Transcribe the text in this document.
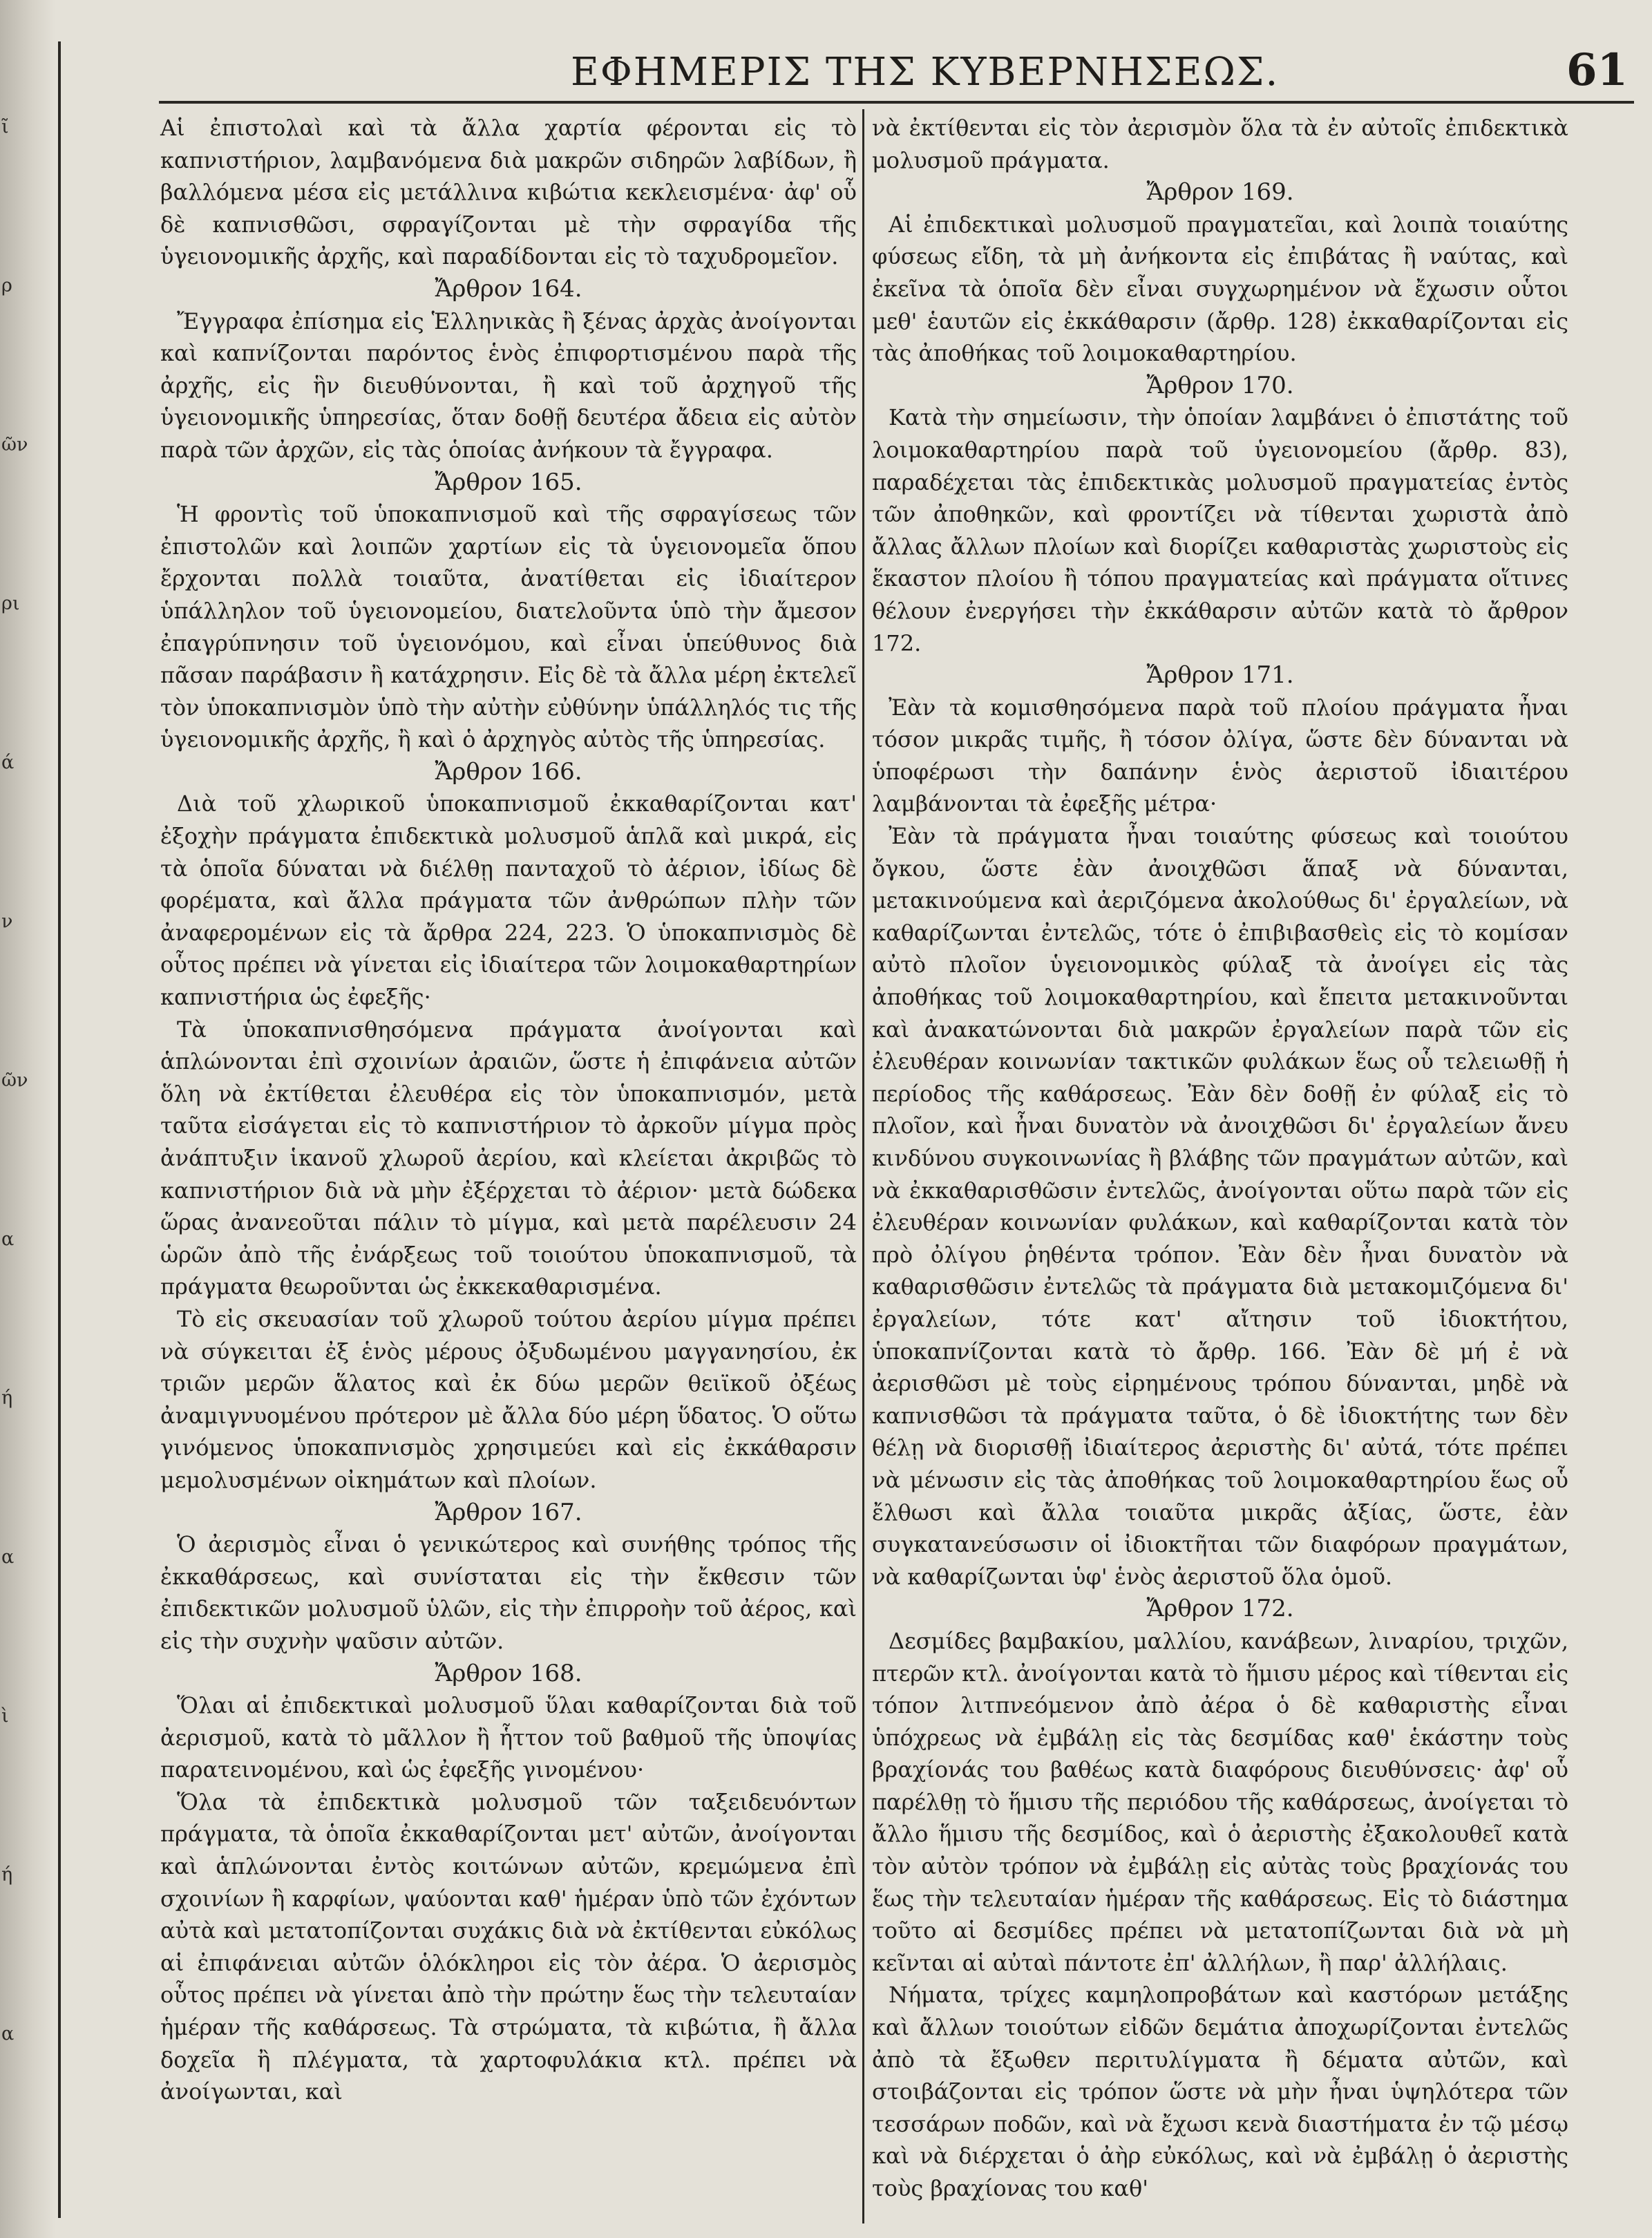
ῖ
ρ
ῶν
ρι
ά
ν
ῶν
α
ή
α
ὶ
ή
α
ΕΦΗΜΕΡΙΣ ΤΗΣ ΚΥΒΕΡΝΗΣΕΩΣ.	61

Αἱ ἐπιστολαὶ καὶ τὰ ἄλλα χαρτία φέρονται εἰς τὸ καπνιστήριον, λαμβανόμενα διὰ μακρῶν σιδηρῶν λαβίδων, ἢ βαλλόμενα μέσα εἰς μετάλλινα κιβώτια κεκλεισμένα· ἀφ' οὗ δὲ καπνισθῶσι, σφραγίζονται μὲ τὴν σφραγίδα τῆς ὑγειονομικῆς ἀρχῆς, καὶ παραδίδονται εἰς τὸ ταχυδρομεῖον.

Ἄρθρον 164.

Ἔγγραφα ἐπίσημα εἰς Ἑλληνικὰς ἢ ξένας ἀρχὰς ἀνοίγονται καὶ καπνίζονται παρόντος ἑνὸς ἐπιφορτισμένου παρὰ τῆς ἀρχῆς, εἰς ἣν διευθύνονται, ἢ καὶ τοῦ ἀρχηγοῦ τῆς ὑγειονομικῆς ὑπηρεσίας, ὅταν δοθῇ δευτέρα ἄδεια εἰς αὐτὸν παρὰ τῶν ἀρχῶν, εἰς τὰς ὁποίας ἀνήκουν τὰ ἔγγραφα.

Ἄρθρον 165.

Ἡ φροντὶς τοῦ ὑποκαπνισμοῦ καὶ τῆς σφραγίσεως τῶν ἐπιστολῶν καὶ λοιπῶν χαρτίων εἰς τὰ ὑγειονομεῖα ὅπου ἔρχονται πολλὰ τοιαῦτα, ἀνατίθεται εἰς ἰδιαίτερον ὑπάλληλον τοῦ ὑγειονομείου, διατελοῦντα ὑπὸ τὴν ἄμεσον ἐπαγρύπνησιν τοῦ ὑγειονόμου, καὶ εἶναι ὑπεύθυνος διὰ πᾶσαν παράβασιν ἢ κατάχρησιν. Εἰς δὲ τὰ ἄλλα μέρη ἐκτελεῖ τὸν ὑποκαπνισμὸν ὑπὸ τὴν αὐτὴν εὐθύνην ὑπάλληλός τις τῆς ὑγειονομικῆς ἀρχῆς, ἢ καὶ ὁ ἀρχηγὸς αὐτὸς τῆς ὑπηρεσίας.

Ἄρθρον 166.

Διὰ τοῦ χλωρικοῦ ὑποκαπνισμοῦ ἐκκαθαρίζονται κατ' ἐξοχὴν πράγματα ἐπιδεκτικὰ μολυσμοῦ ἁπλᾶ καὶ μικρά, εἰς τὰ ὁποῖα δύναται νὰ διέλθῃ πανταχοῦ τὸ ἀέριον, ἰδίως δὲ φορέματα, καὶ ἄλλα πράγματα τῶν ἀνθρώπων πλὴν τῶν ἀναφερομένων εἰς τὰ ἄρθρα 224, 223. Ὁ ὑποκαπνισμὸς δὲ οὗτος πρέπει νὰ γίνεται εἰς ἰδιαίτερα τῶν λοιμοκαθαρτηρίων καπνιστήρια ὡς ἐφεξῆς·

Τὰ ὑποκαπνισθησόμενα πράγματα ἀνοίγονται καὶ ἁπλώνονται ἐπὶ σχοινίων ἀραιῶν, ὥστε ἡ ἐπιφάνεια αὐτῶν ὅλη νὰ ἐκτίθεται ἐλευθέρα εἰς τὸν ὑποκαπνισμόν, μετὰ ταῦτα εἰσάγεται εἰς τὸ καπνιστήριον τὸ ἀρκοῦν μίγμα πρὸς ἀνάπτυξιν ἱκανοῦ χλωροῦ ἀερίου, καὶ κλείεται ἀκριβῶς τὸ καπνιστήριον διὰ νὰ μὴν ἐξέρχεται τὸ ἀέριον· μετὰ δώδεκα ὥρας ἀνανεοῦται πάλιν τὸ μίγμα, καὶ μετὰ παρέλευσιν 24 ὡρῶν ἀπὸ τῆς ἐνάρξεως τοῦ τοιούτου ὑποκαπνισμοῦ, τὰ πράγματα θεωροῦνται ὡς ἐκκεκαθαρισμένα.

Τὸ εἰς σκευασίαν τοῦ χλωροῦ τούτου ἀερίου μίγμα πρέπει νὰ σύγκειται ἐξ ἑνὸς μέρους ὀξυδωμένου μαγγανησίου, ἐκ τριῶν μερῶν ἅλατος καὶ ἐκ δύω μερῶν θειϊκοῦ ὀξέως ἀναμιγνυομένου πρότερον μὲ ἄλλα δύο μέρη ὕδατος. Ὁ οὕτω γινόμενος ὑποκαπνισμὸς χρησιμεύει καὶ εἰς ἐκκάθαρσιν μεμολυσμένων οἰκημάτων καὶ πλοίων.

Ἄρθρον 167.

Ὁ ἀερισμὸς εἶναι ὁ γενικώτερος καὶ συνήθης τρόπος τῆς ἐκκαθάρσεως, καὶ συνίσταται εἰς τὴν ἔκθεσιν τῶν ἐπιδεκτικῶν μολυσμοῦ ὑλῶν, εἰς τὴν ἐπιρροὴν τοῦ ἀέρος, καὶ εἰς τὴν συχνὴν ψαῦσιν αὐτῶν.

Ἄρθρον 168.

Ὅλαι αἱ ἐπιδεκτικαὶ μολυσμοῦ ὕλαι καθαρίζονται διὰ τοῦ ἀερισμοῦ, κατὰ τὸ μᾶλλον ἢ ἧττον τοῦ βαθμοῦ τῆς ὑποψίας παρατεινομένου, καὶ ὡς ἐφεξῆς γινομένου·

Ὅλα τὰ ἐπιδεκτικὰ μολυσμοῦ τῶν ταξειδευόντων πράγματα, τὰ ὁποῖα ἐκκαθαρίζονται μετ' αὐτῶν, ἀνοίγονται καὶ ἁπλώνονται ἐντὸς κοιτώνων αὐτῶν, κρεμώμενα ἐπὶ σχοινίων ἢ καρφίων, ψαύονται καθ' ἡμέραν ὑπὸ τῶν ἐχόντων αὐτὰ καὶ μετατοπίζονται συχάκις διὰ νὰ ἐκτίθενται εὐκόλως αἱ ἐπιφάνειαι αὐτῶν ὁλόκληροι εἰς τὸν ἀέρα. Ὁ ἀερισμὸς οὗτος πρέπει νὰ γίνεται ἀπὸ τὴν πρώτην ἕως τὴν τελευταίαν ἡμέραν τῆς καθάρσεως. Τὰ στρώματα, τὰ κιβώτια, ἢ ἄλλα δοχεῖα ἢ πλέγματα, τὰ χαρτοφυλάκια κτλ. πρέπει νὰ ἀνοίγωνται, καὶ

νὰ ἐκτίθενται εἰς τὸν ἀερισμὸν ὅλα τὰ ἐν αὐτοῖς ἐπιδεκτικὰ μολυσμοῦ πράγματα.

Ἄρθρον 169.

Αἱ ἐπιδεκτικαὶ μολυσμοῦ πραγματεῖαι, καὶ λοιπὰ τοιαύτης φύσεως εἴδη, τὰ μὴ ἀνήκοντα εἰς ἐπιβάτας ἢ ναύτας, καὶ ἐκεῖνα τὰ ὁποῖα δὲν εἶναι συγχωρημένον νὰ ἔχωσιν οὗτοι μεθ' ἑαυτῶν εἰς ἐκκάθαρσιν (ἄρθρ. 128) ἐκκαθαρίζονται εἰς τὰς ἀποθήκας τοῦ λοιμοκαθαρτηρίου.

Ἄρθρον 170.

Κατὰ τὴν σημείωσιν, τὴν ὁποίαν λαμβάνει ὁ ἐπιστάτης τοῦ λοιμοκαθαρτηρίου παρὰ τοῦ ὑγειονομείου (ἄρθρ. 83), παραδέχεται τὰς ἐπιδεκτικὰς μολυσμοῦ πραγματείας ἐντὸς τῶν ἀποθηκῶν, καὶ φροντίζει νὰ τίθενται χωριστὰ ἀπὸ ἄλλας ἄλλων πλοίων καὶ διορίζει καθαριστὰς χωριστοὺς εἰς ἕκαστον πλοίου ἢ τόπου πραγματείας καὶ πράγματα οἵτινες θέλουν ἐνεργήσει τὴν ἐκκάθαρσιν αὐτῶν κατὰ τὸ ἄρθρον 172.

Ἄρθρον 171.

Ἐὰν τὰ κομισθησόμενα παρὰ τοῦ πλοίου πράγματα ἦναι τόσον μικρᾶς τιμῆς, ἢ τόσον ὀλίγα, ὥστε δὲν δύνανται νὰ ὑποφέρωσι τὴν δαπάνην ἑνὸς ἀεριστοῦ ἰδιαιτέρου λαμβάνονται τὰ ἐφεξῆς μέτρα·

Ἐὰν τὰ πράγματα ἦναι τοιαύτης φύσεως καὶ τοιούτου ὄγκου, ὥστε ἐὰν ἀνοιχθῶσι ἅπαξ νὰ δύνανται, μετακινούμενα καὶ ἀεριζόμενα ἀκολούθως δι' ἐργαλείων, νὰ καθαρίζωνται ἐντελῶς, τότε ὁ ἐπιβιβασθεὶς εἰς τὸ κομίσαν αὐτὸ πλοῖον ὑγειονομικὸς φύλαξ τὰ ἀνοίγει εἰς τὰς ἀποθήκας τοῦ λοιμοκαθαρτηρίου, καὶ ἔπειτα μετακινοῦνται καὶ ἀνακατώνονται διὰ μακρῶν ἐργαλείων παρὰ τῶν εἰς ἐλευθέραν κοινωνίαν τακτικῶν φυλάκων ἕως οὗ τελειωθῇ ἡ περίοδος τῆς καθάρσεως. Ἐὰν δὲν δοθῇ ἐν φύλαξ εἰς τὸ πλοῖον, καὶ ἦναι δυνατὸν νὰ ἀνοιχθῶσι δι' ἐργαλείων ἄνευ κινδύνου συγκοινωνίας ἢ βλάβης τῶν πραγμάτων αὐτῶν, καὶ νὰ ἐκκαθαρισθῶσιν ἐντελῶς, ἀνοίγονται οὕτω παρὰ τῶν εἰς ἐλευθέραν κοινωνίαν φυλάκων, καὶ καθαρίζονται κατὰ τὸν πρὸ ὀλίγου ῥηθέντα τρόπον. Ἐὰν δὲν ἦναι δυνατὸν νὰ καθαρισθῶσιν ἐντελῶς τὰ πράγματα διὰ μετακομιζόμενα δι' ἐργαλείων, τότε κατ' αἴτησιν τοῦ ἰδιοκτήτου, ὑποκαπνίζονται κατὰ τὸ ἄρθρ. 166. Ἐὰν δὲ μή ἐ νὰ ἀερισθῶσι μὲ τοὺς εἰρημένους τρόπου δύνανται, μηδὲ νὰ καπνισθῶσι τὰ πράγματα ταῦτα, ὁ δὲ ἰδιοκτήτης των δὲν θέλῃ νὰ διορισθῇ ἰδιαίτερος ἀεριστὴς δι' αὐτά, τότε πρέπει νὰ μένωσιν εἰς τὰς ἀποθήκας τοῦ λοιμοκαθαρτηρίου ἕως οὗ ἔλθωσι καὶ ἄλλα τοιαῦτα μικρᾶς ἀξίας, ὥστε, ἐὰν συγκατανεύσωσιν οἱ ἰδιοκτῆται τῶν διαφόρων πραγμάτων, νὰ καθαρίζωνται ὑφ' ἑνὸς ἀεριστοῦ ὅλα ὁμοῦ.

Ἄρθρον 172.

Δεσμίδες βαμβακίου, μαλλίου, κανάβεων, λιναρίου, τριχῶν, πτερῶν κτλ. ἀνοίγονται κατὰ τὸ ἥμισυ μέρος καὶ τίθενται εἰς τόπον λιτπνεόμενον ἀπὸ ἀέρα ὁ δὲ καθαριστὴς εἶναι ὑπόχρεως νὰ ἐμβάλῃ εἰς τὰς δεσμίδας καθ' ἑκάστην τοὺς βραχίονάς του βαθέως κατὰ διαφόρους διευθύνσεις· ἀφ' οὗ παρέλθῃ τὸ ἥμισυ τῆς περιόδου τῆς καθάρσεως, ἀνοίγεται τὸ ἄλλο ἥμισυ τῆς δεσμίδος, καὶ ὁ ἀεριστὴς ἐξακολουθεῖ κατὰ τὸν αὐτὸν τρόπον νὰ ἐμβάλῃ εἰς αὐτὰς τοὺς βραχίονάς του ἕως τὴν τελευταίαν ἡμέραν τῆς καθάρσεως. Εἰς τὸ διάστημα τοῦτο αἱ δεσμίδες πρέπει νὰ μετατοπίζωνται διὰ νὰ μὴ κεῖνται αἱ αὐταὶ πάντοτε ἐπ' ἀλλήλων, ἢ παρ' ἀλλήλαις.

Νήματα, τρίχες καμηλοπροβάτων καὶ καστόρων μετάξης καὶ ἄλλων τοιούτων εἰδῶν δεμάτια ἀποχωρίζονται ἐντελῶς ἀπὸ τὰ ἔξωθεν περιτυλίγματα ἢ δέματα αὐτῶν, καὶ στοιβάζονται εἰς τρόπον ὥστε νὰ μὴν ἦναι ὑψηλότερα τῶν τεσσάρων ποδῶν, καὶ νὰ ἔχωσι κενὰ διαστήματα ἐν τῷ μέσῳ καὶ νὰ διέρχεται ὁ ἀὴρ εὐκόλως, καὶ νὰ ἐμβάλῃ ὁ ἀεριστὴς τοὺς βραχίονας του καθ'
